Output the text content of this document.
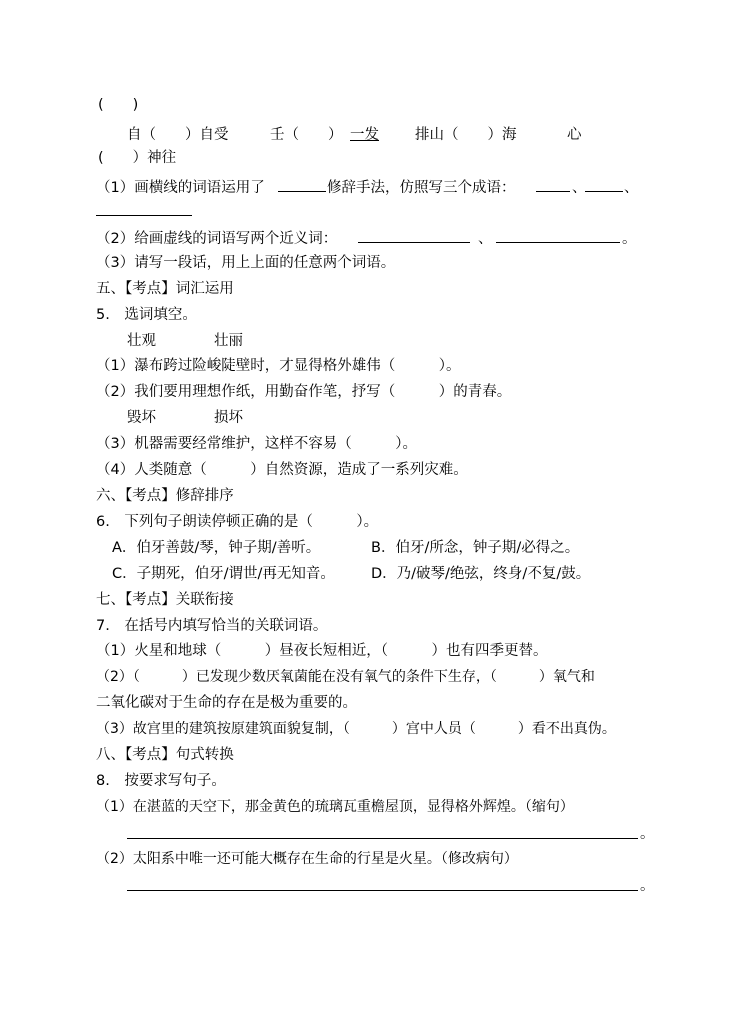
(　　)
自（　　）自受	壬（　　） 一发 排山（　　）海	心
(　　）神往
（1）画横线的词语运用了	修辞手法，仿照写三个成语：	、	、
（2）给画虚线的词语写两个近义词：	、	。
（3）请写一段话，用上上面的任意两个词语。
五、【考点】词汇运用
5.　选词填空。
壮观　　　　壮丽
（1）瀑布跨过险峻陡壁时，才显得格外雄伟（　　　）。
（2）我们要用理想作纸，用勤奋作笔，抒写（　　　）的青春。
毁坏　　　　损坏
（3）机器需要经常维护，这样不容易（　　　）。
（4）人类随意（　　　）自然资源，造成了一系列灾难。
六、【考点】修辞排序
6.　下列句子朗读停顿正确的是（　　　）。
A．伯牙善鼓/琴，钟子期/善听。	B．伯牙/所念，钟子期/必得之。
C．子期死，伯牙/谓世/再无知音。 D．乃/破琴/绝弦，终身/不复/鼓。
七、【考点】关联衔接
7.　在括号内填写恰当的关联词语。
（1）火星和地球（　　　）昼夜长短相近，（　　　）也有四季更替。
（2）（　　　）已发现少数厌氧菌能在没有氧气的条件下生存，（　　　）氧气和
二氧化碳对于生命的存在是极为重要的。
（3）故宫里的建筑按原建筑面貌复制，（　　　）宫中人员（　　　）看不出真伪。
八、【考点】句式转换
8.　按要求写句子。
（1）在湛蓝的天空下，那金黄色的琉璃瓦重檐屋顶，显得格外辉煌。（缩句）
。
（2）太阳系中唯一还可能大概存在生命的行星是火星。（修改病句）
。
